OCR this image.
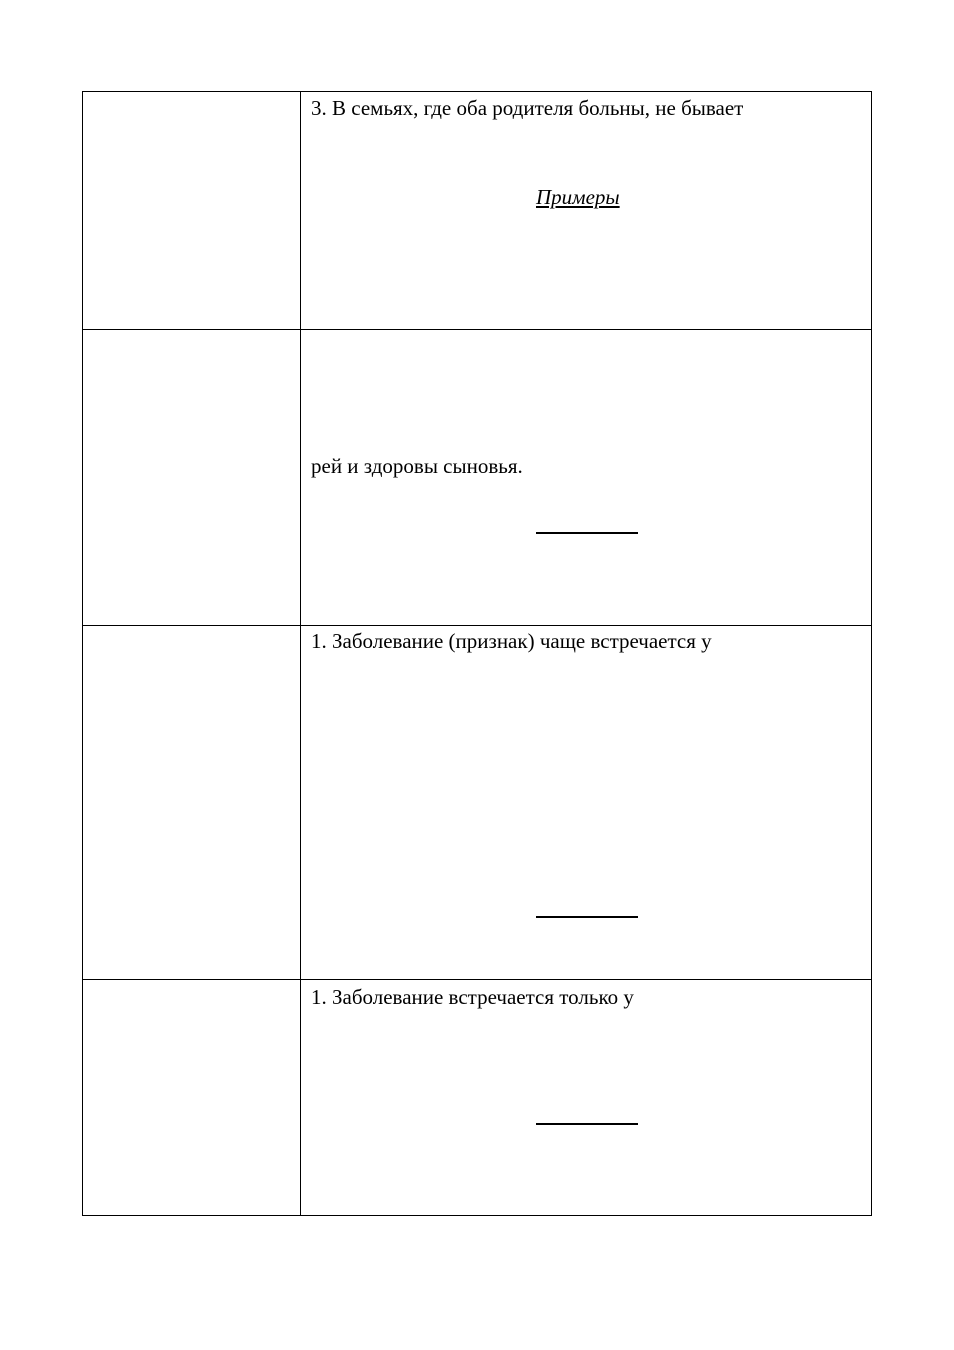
3. В семьях, где оба родителя больны, не бывает
Примеры
рей и здоровы сыновья.
1. Заболевание (признак) чаще встречается у
1. Заболевание встречается только у
